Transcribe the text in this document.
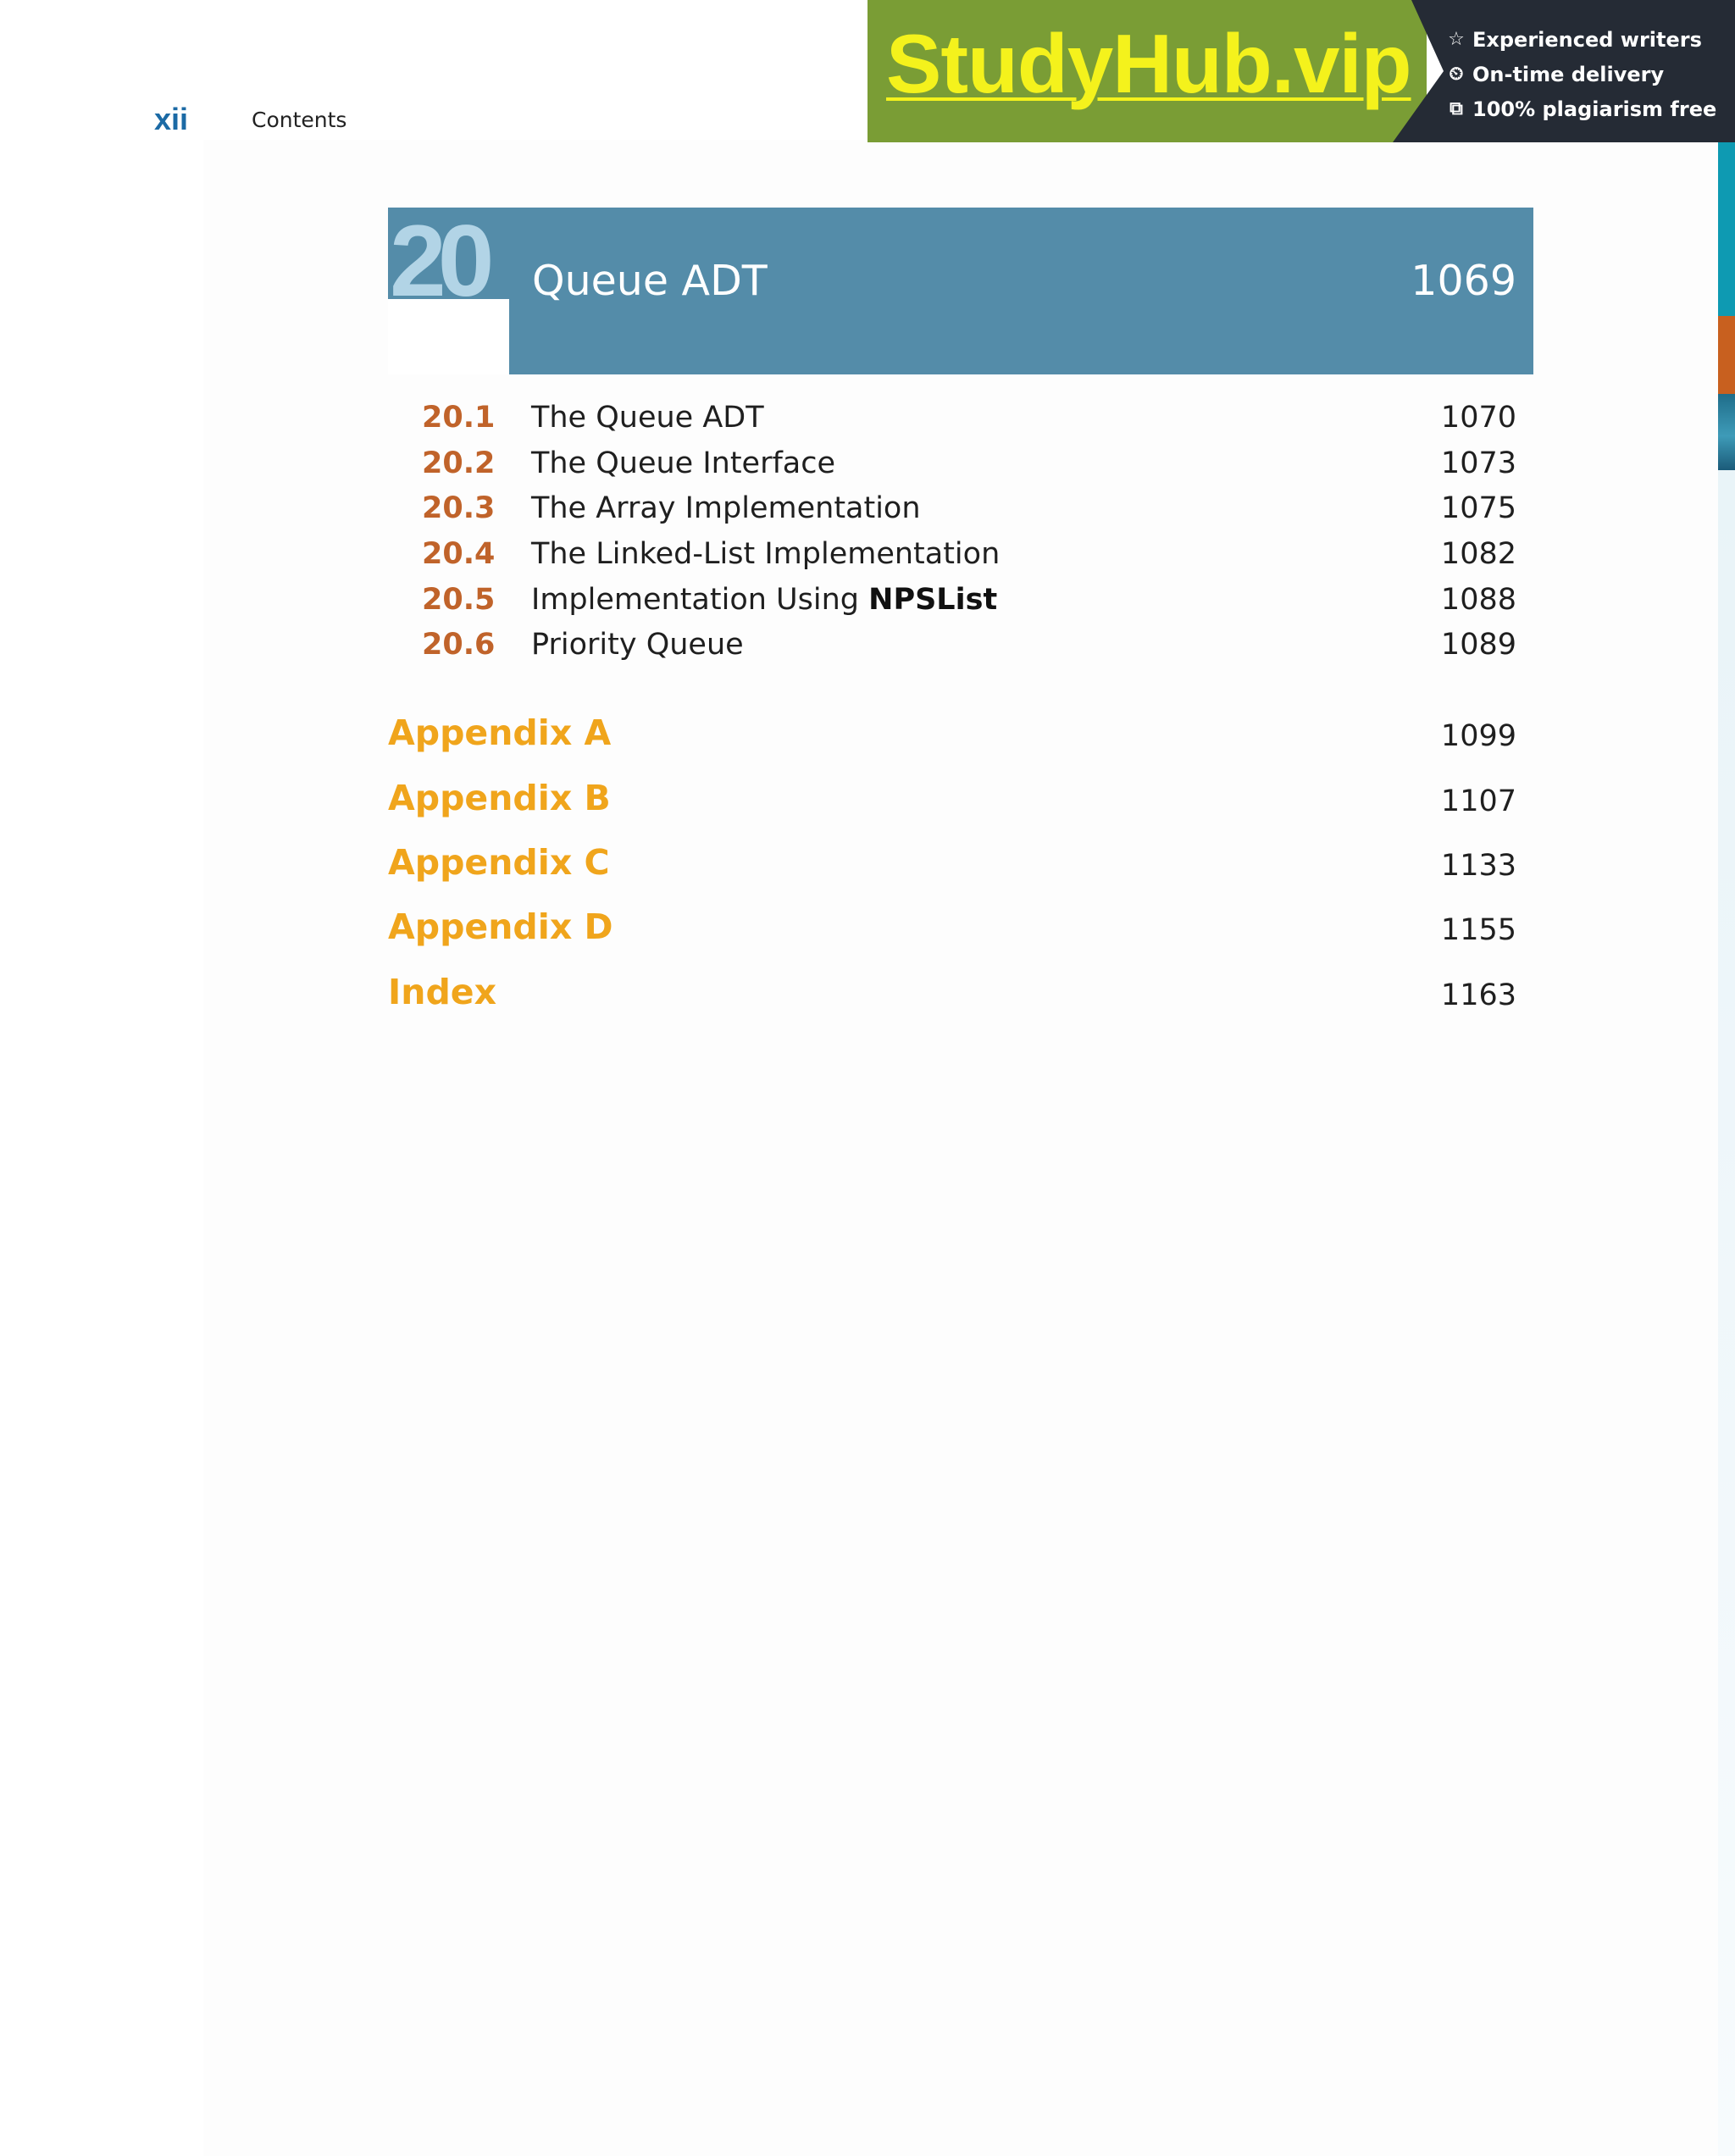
xii	Contents
StudyHub.vip ☆ Experienced writers
⏲ On-time delivery
⧉ 100% plagiarism free
20 Queue ADT	1069
20.1 The Queue ADT	1070
20.2 The Queue Interface	1073
20.3 The Array Implementation	1075
20.4 The Linked-List Implementation	1082
20.5 Implementation Using NPSList	1088
20.6 Priority Queue	1089
Appendix A	1099
Appendix B	1107
Appendix C	1133
Appendix D	1155
Index	1163
